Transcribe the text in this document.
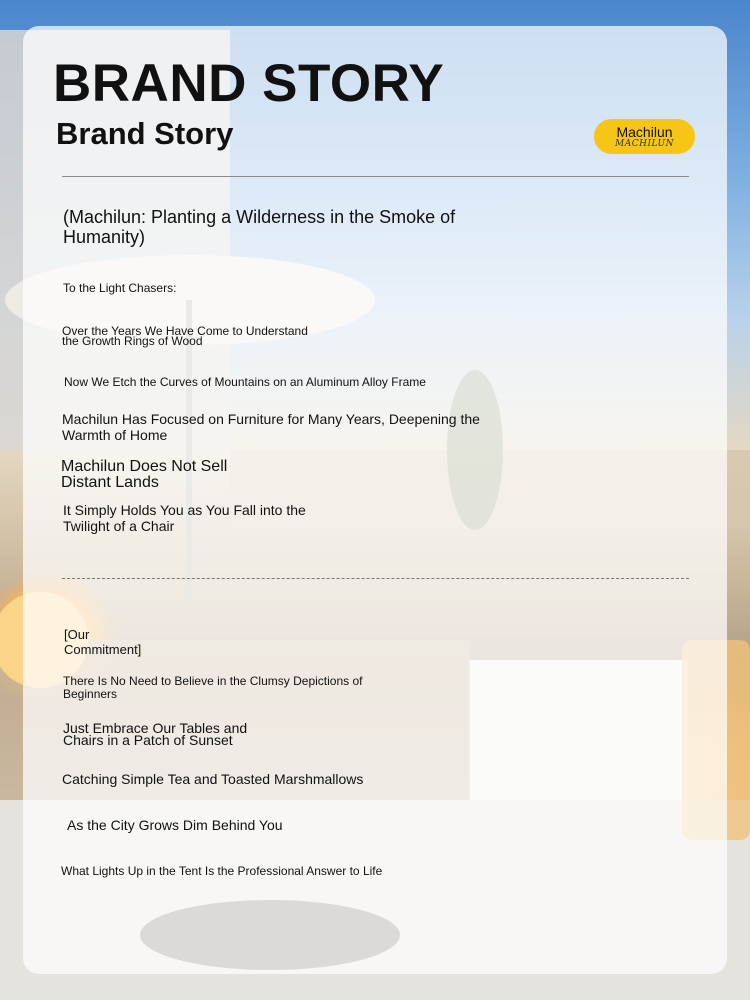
BRAND STORY
Brand Story	Machilun
MACHILUN

(Machilun: Planting a Wilderness in the Smoke of Humanity)

To the Light Chasers:

Over the Years We Have Come to Understand the Growth Rings of Wood

Now We Etch the Curves of Mountains on an Aluminum Alloy Frame

Machilun Has Focused on Furniture for Many Years, Deepening the Warmth of Home

Machilun Does Not Sell Distant Lands

It Simply Holds You as You Fall into the Twilight of a Chair

[Our Commitment]

There Is No Need to Believe in the Clumsy Depictions of Beginners

Just Embrace Our Tables and Chairs in a Patch of Sunset

Catching Simple Tea and Toasted Marshmallows

As the City Grows Dim Behind You

What Lights Up in the Tent Is the Professional Answer to Life
